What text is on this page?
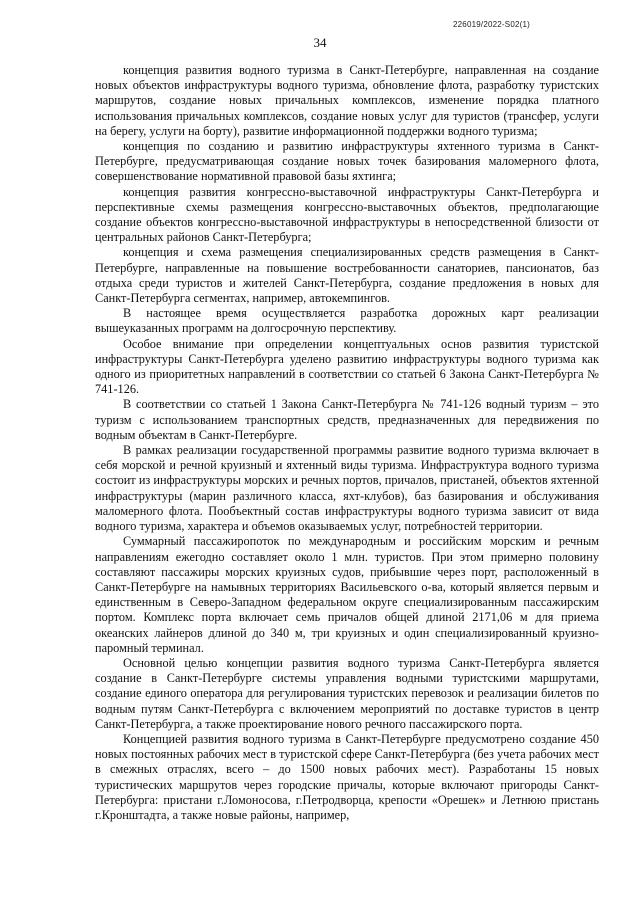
226019/2022-S02(1)
34

концепция развития водного туризма в Санкт-Петербурге, направленная на создание новых объектов инфраструктуры водного туризма, обновление флота, разработку туристских маршрутов, создание новых причальных комплексов, изменение порядка платного использования причальных комплексов, создание новых услуг для туристов (трансфер, услуги на берегу, услуги на борту), развитие информационной поддержки водного туризма;

концепция по созданию и развитию инфраструктуры яхтенного туризма в Санкт-Петербурге, предусматривающая создание новых точек базирования маломерного флота, совершенствование нормативной правовой базы яхтинга;

концепция развития конгрессно-выставочной инфраструктуры Санкт-Петербурга и перспективные схемы размещения конгрессно-выставочных объектов, предполагающие создание объектов конгрессно-выставочной инфраструктуры в непосредственной близости от центральных районов Санкт-Петербурга;

концепция и схема размещения специализированных средств размещения в Санкт-Петербурге, направленные на повышение востребованности санаториев, пансионатов, баз отдыха среди туристов и жителей Санкт-Петербурга, создание предложения в новых для Санкт-Петербурга сегментах, например, автокемпингов.

В настоящее время осуществляется разработка дорожных карт реализации вышеуказанных программ на долгосрочную перспективу.

Особое внимание при определении концептуальных основ развития туристской инфраструктуры Санкт-Петербурга уделено развитию инфраструктуры водного туризма как одного из приоритетных направлений в соответствии со статьей 6 Закона Санкт-Петербурга № 741-126.

В соответствии со статьей 1 Закона Санкт-Петербурга № 741-126 водный туризм – это туризм с использованием транспортных средств, предназначенных для передвижения по водным объектам в Санкт-Петербурге.

В рамках реализации государственной программы развитие водного туризма включает в себя морской и речной круизный и яхтенный виды туризма. Инфраструктура водного туризма состоит из инфраструктуры морских и речных портов, причалов, пристаней, объектов яхтенной инфраструктуры (марин различного класса, яхт-клубов), баз базирования и обслуживания маломерного флота. Пообъектный состав инфраструктуры водного туризма зависит от вида водного туризма, характера и объемов оказываемых услуг, потребностей территории.

Суммарный пассажиропоток по международным и российским морским и речным направлениям ежегодно составляет около 1 млн. туристов. При этом примерно половину составляют пассажиры морских круизных судов, прибывшие через порт, расположенный в Санкт-Петербурге на намывных территориях Васильевского о-ва, который является первым и единственным в Северо-Западном федеральном округе специализированным пассажирским портом. Комплекс порта включает семь причалов общей длиной 2171,06 м для приема океанских лайнеров длиной до 340 м, три круизных и один специализированный круизно-паромный терминал.

Основной целью концепции развития водного туризма Санкт-Петербурга является создание в Санкт-Петербурге системы управления водными туристскими маршрутами, создание единого оператора для регулирования туристских перевозок и реализации билетов по водным путям Санкт-Петербурга с включением мероприятий по доставке туристов в центр Санкт-Петербурга, а также проектирование нового речного пассажирского порта.

Концепцией развития водного туризма в Санкт-Петербурге предусмотрено создание 450 новых постоянных рабочих мест в туристской сфере Санкт-Петербурга (без учета рабочих мест в смежных отраслях, всего – до 1500 новых рабочих мест). Разработаны 15 новых туристических маршрутов через городские причалы, которые включают пригороды Санкт-Петербурга: пристани г.Ломоносова, г.Петродворца, крепости «Орешек» и Летнюю пристань г.Кронштадта, а также новые районы, например,
